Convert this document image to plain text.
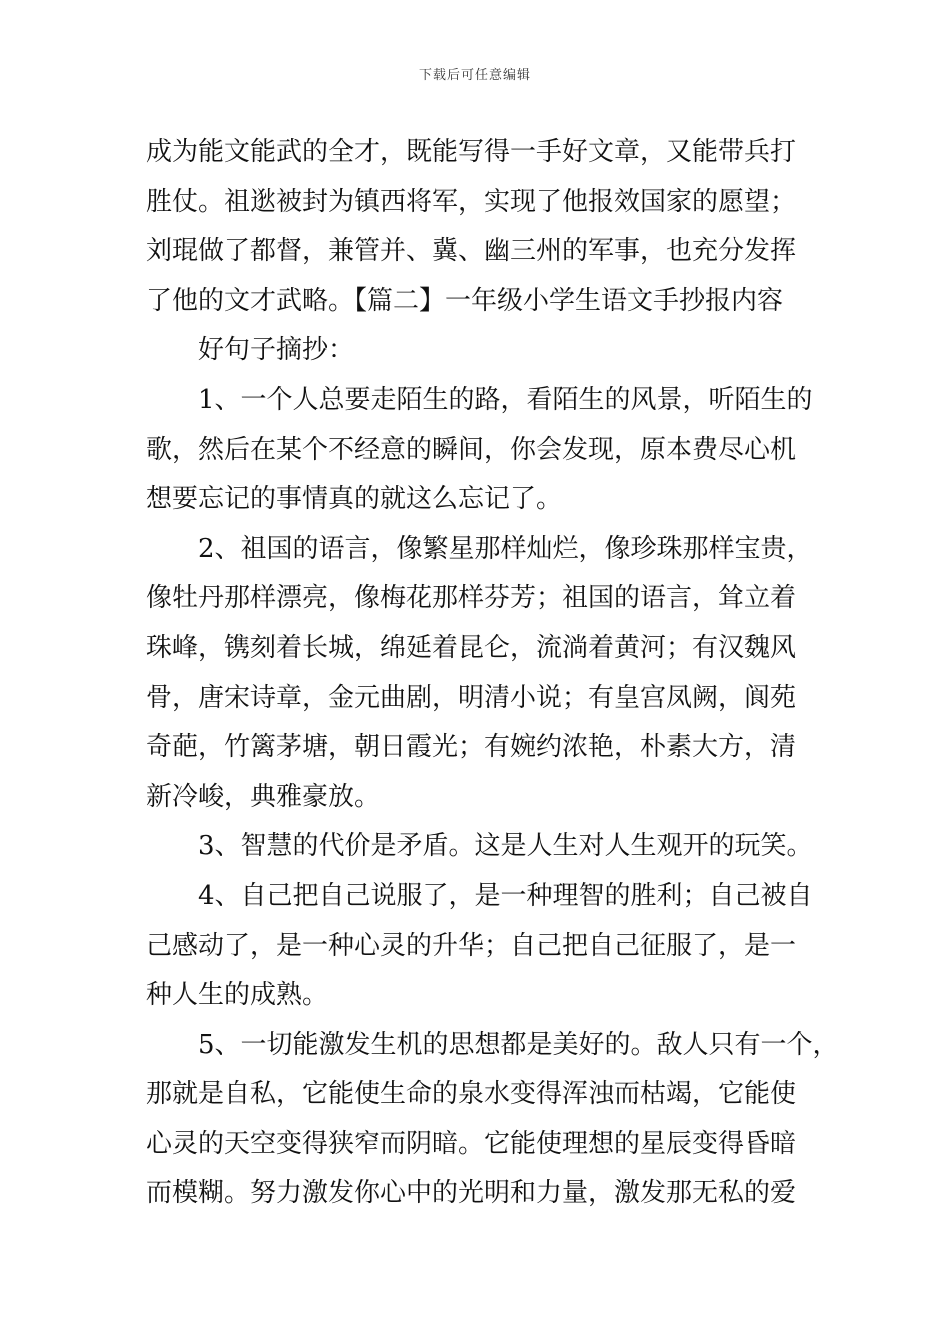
下载后可任意编辑
成为能文能武的全才，既能写得一手好文章，又能带兵打
胜仗。祖逖被封为镇西将军，实现了他报效国家的愿望；
刘琨做了都督，兼管并、冀、幽三州的军事，也充分发挥
了他的文才武略。【篇二】一年级小学生语文手抄报内容
好句子摘抄：
1、一个人总要走陌生的路，看陌生的风景，听陌生的
歌，然后在某个不经意的瞬间，你会发现，原本费尽心机
想要忘记的事情真的就这么忘记了。
2、祖国的语言，像繁星那样灿烂，像珍珠那样宝贵，
像牡丹那样漂亮，像梅花那样芬芳；祖国的语言，耸立着
珠峰，镌刻着长城，绵延着昆仑，流淌着黄河；有汉魏风
骨，唐宋诗章，金元曲剧，明清小说；有皇宫凤阙，阆苑
奇葩，竹篱茅塘，朝日霞光；有婉约浓艳，朴素大方，清
新冷峻，典雅豪放。
3、智慧的代价是矛盾。这是人生对人生观开的玩笑。
4、自己把自己说服了，是一种理智的胜利；自己被自
己感动了，是一种心灵的升华；自己把自己征服了，是一
种人生的成熟。
5、一切能激发生机的思想都是美好的。敌人只有一个，
那就是自私，它能使生命的泉水变得浑浊而枯竭，它能使
心灵的天空变得狭窄而阴暗。它能使理想的星辰变得昏暗
而模糊。努力激发你心中的光明和力量，激发那无私的爱
